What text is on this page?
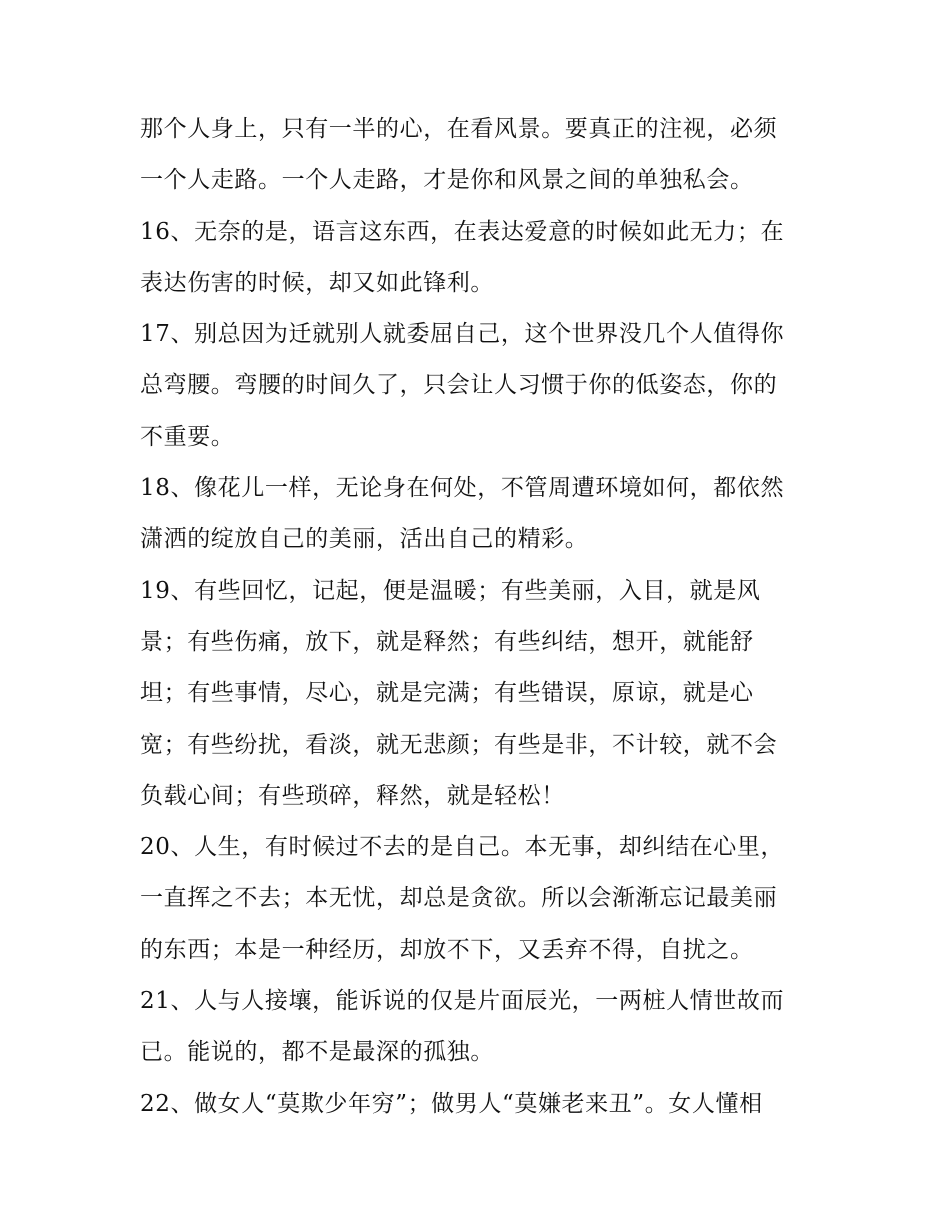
那个人身上，只有一半的心，在看风景。要真正的注视，必须
一个人走路。一个人走路，才是你和风景之间的单独私会。
16、无奈的是，语言这东西，在表达爱意的时候如此无力；在
表达伤害的时候，却又如此锋利。
17、别总因为迁就别人就委屈自己，这个世界没几个人值得你
总弯腰。弯腰的时间久了，只会让人习惯于你的低姿态，你的
不重要。
18、像花儿一样，无论身在何处，不管周遭环境如何，都依然
潇洒的绽放自己的美丽，活出自己的精彩。
19、有些回忆，记起，便是温暖；有些美丽，入目，就是风
景；有些伤痛，放下，就是释然；有些纠结，想开，就能舒
坦；有些事情，尽心，就是完满；有些错误，原谅，就是心
宽；有些纷扰，看淡，就无悲颜；有些是非，不计较，就不会
负载心间；有些琐碎，释然，就是轻松！
20、人生，有时候过不去的是自己。本无事，却纠结在心里，
一直挥之不去；本无忧，却总是贪欲。所以会渐渐忘记最美丽
的东西；本是一种经历，却放不下，又丢弃不得，自扰之。
21、人与人接壤，能诉说的仅是片面辰光，一两桩人情世故而
已。能说的，都不是最深的孤独。
22、做女人“莫欺少年穷”；做男人“莫嫌老来丑”。女人懂相
